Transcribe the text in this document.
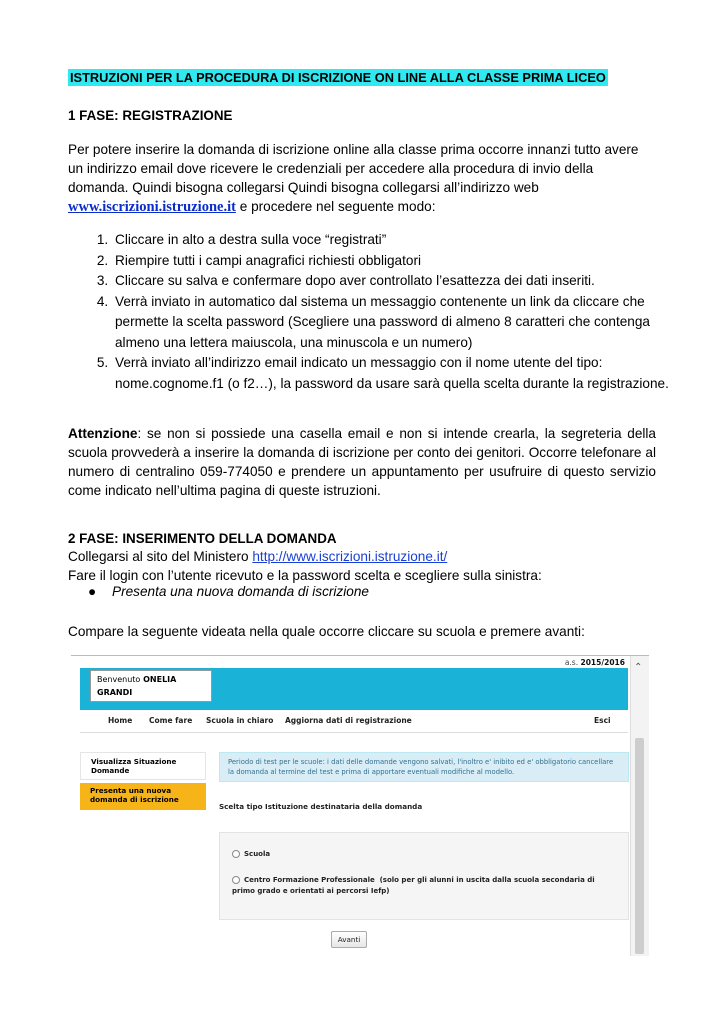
ISTRUZIONI PER LA PROCEDURA DI ISCRIZIONE ON LINE ALLA CLASSE PRIMA LICEO
1 FASE: REGISTRAZIONE
Per potere inserire la domanda di iscrizione online alla classe prima occorre innanzi tutto avere un indirizzo email dove ricevere le credenziali per accedere alla procedura di invio della domanda. Quindi bisogna collegarsi Quindi bisogna collegarsi all’indirizzo web www.iscrizioni.istruzione.it e procedere nel seguente modo:
1. Cliccare in alto a destra sulla voce “registrati”
2. Riempire tutti i campi anagrafici richiesti obbligatori
3. Cliccare su salva e confermare dopo aver controllato l’esattezza dei dati inseriti.
4. Verrà inviato in automatico dal sistema un messaggio contenente un link da cliccare che permette la scelta password (Scegliere una password di almeno 8 caratteri che contenga almeno una lettera maiuscola, una minuscola e un numero)
5. Verrà inviato all’indirizzo email indicato un messaggio con il nome utente del tipo: nome.cognome.f1 (o f2…), la password da usare sarà quella scelta durante la registrazione.
Attenzione: se non si possiede una casella email e non si intende crearla, la segreteria della scuola provvederà a inserire la domanda di iscrizione per conto dei genitori. Occorre telefonare al numero di centralino 059-774050 e prendere un appuntamento per usufruire di questo servizio come indicato nell’ultima pagina di queste istruzioni.
2 FASE: INSERIMENTO DELLA DOMANDA
Collegarsi al sito del Ministero http://www.iscrizioni.istruzione.it/
Fare il login con l’utente ricevuto e la password scelta e scegliere sulla sinistra:
● Presenta una nuova domanda di iscrizione
Compare la seguente videata nella quale occorre cliccare su scuola e premere avanti:
a.s. 2015/2016 ⌃
Benvenuto ONELIA
GRANDI
Home Come fare Scuola in chiaro Aggiorna dati di registrazione	Esci
Visualizza Situazione Domande
Presenta una nuova domanda di iscrizione
Periodo di test per le scuole: i dati delle domande vengono salvati, l'inoltro e' inibito ed e' obbligatorio cancellare la domanda al termine del test e prima di apportare eventuali modifiche al modello.
Scelta tipo Istituzione destinataria della domanda
Scuola
Centro Formazione Professionale (solo per gli alunni in uscita dalla scuola secondaria di primo grado e orientati ai percorsi Iefp)
Avanti
